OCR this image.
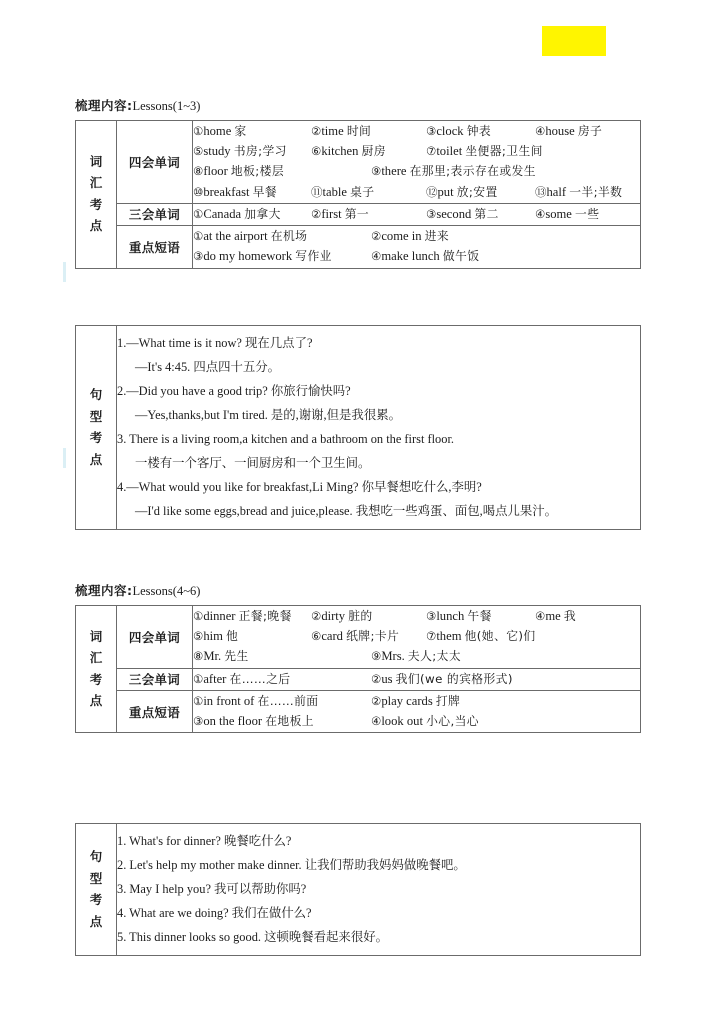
梳理内容:Lessons(1~3)
词
汇
考
点
	四会单词	
①home 家	②time 时间	③clock 钟表	④house 房子
⑤study 书房;学习	⑥kitchen 厨房	⑦toilet 坐便器;卫生间
⑧floor 地板;楼层	⑨there 在那里;表示存在或发生
⑩breakfast 早餐	⑪table 桌子	⑫put 放;安置	⑬half 一半;半数

	三会单词	①Canada 加拿大 ②first 第一 ③second 第二 ④some 一些

	重点短语	①at the airport 在机场 ②come in 进来
③do my homework 写作业 ④make lunch 做午饭
句
型
考
点

1.—What time is it now? 现在几点了?
—It's 4:45. 四点四十五分。
2.—Did you have a good trip? 你旅行愉快吗?
—Yes,thanks,but I'm tired. 是的,谢谢,但是我很累。
3. There is a living room,a kitchen and a bathroom on the first floor.
一楼有一个客厅、一间厨房和一个卫生间。
4.—What would you like for breakfast,Li Ming? 你早餐想吃什么,李明?
—I'd like some eggs,bread and juice,please. 我想吃一些鸡蛋、面包,喝点儿果汁。
梳理内容:Lessons(4~6)
词
汇
考
点
	四会单词	
①dinner 正餐;晚餐	②dirty 脏的	③lunch 午餐	④me 我
⑤him 他	⑥card 纸牌;卡片	⑦them 他(她、它)们
⑧Mr. 先生	⑨Mrs. 夫人;太太

	三会单词	①after 在……之后 ②us 我们(we 的宾格形式)

	重点短语	①in front of 在……前面 ②play cards 打牌
③on the floor 在地板上 ④look out 小心,当心
句
型
考
点

1. What's for dinner? 晚餐吃什么?
2. Let's help my mother make dinner. 让我们帮助我妈妈做晚餐吧。
3. May I help you? 我可以帮助你吗?
4. What are we doing? 我们在做什么?
5. This dinner looks so good. 这顿晚餐看起来很好。
